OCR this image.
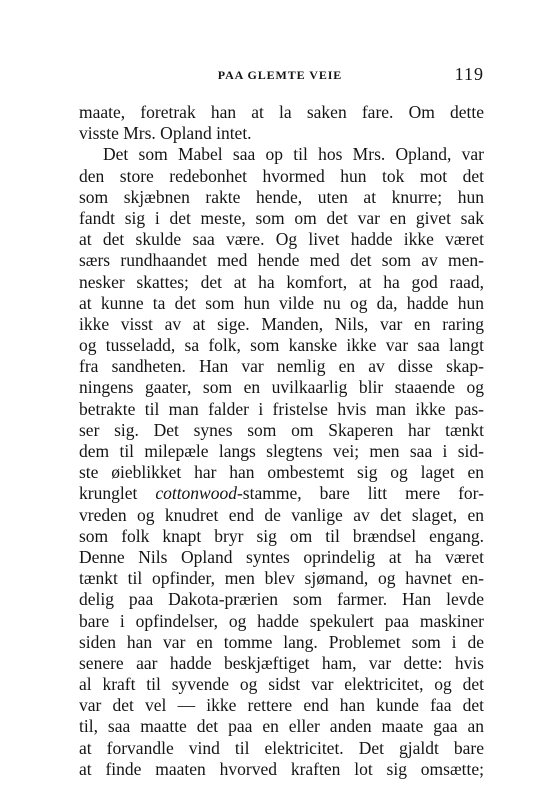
PAA GLEMTE VEIE	119
maate, foretrak han at la saken fare. Om dette
visste Mrs. Opland intet.
Det som Mabel saa op til hos Mrs. Opland, var
den store redebonhet hvormed hun tok mot det
som skjæbnen rakte hende, uten at knurre; hun
fandt sig i det meste, som om det var en givet sak
at det skulde saa være. Og livet hadde ikke været
særs rundhaandet med hende med det som av men-
nesker skattes; det at ha komfort, at ha god raad,
at kunne ta det som hun vilde nu og da, hadde hun
ikke visst av at sige. Manden, Nils, var en raring
og tusseladd, sa folk, som kanske ikke var saa langt
fra sandheten. Han var nemlig en av disse skap-
ningens gaater, som en uvilkaarlig blir staaende og
betrakte til man falder i fristelse hvis man ikke pas-
ser sig. Det synes som om Skaperen har tænkt
dem til milepæle langs slegtens vei; men saa i sid-
ste øieblikket har han ombestemt sig og laget en
krunglet cottonwood-stamme, bare litt mere for-
vreden og knudret end de vanlige av det slaget, en
som folk knapt bryr sig om til brændsel engang.
Denne Nils Opland syntes oprindelig at ha været
tænkt til opfinder, men blev sjømand, og havnet en-
delig paa Dakota-prærien som farmer. Han levde
bare i opfindelser, og hadde spekulert paa maskiner
siden han var en tomme lang. Problemet som i de
senere aar hadde beskjæftiget ham, var dette: hvis
al kraft til syvende og sidst var elektricitet, og det
var det vel — ikke rettere end han kunde faa det
til, saa maatte det paa en eller anden maate gaa an
at forvandle vind til elektricitet. Det gjaldt bare
at finde maaten hvorved kraften lot sig omsætte;
